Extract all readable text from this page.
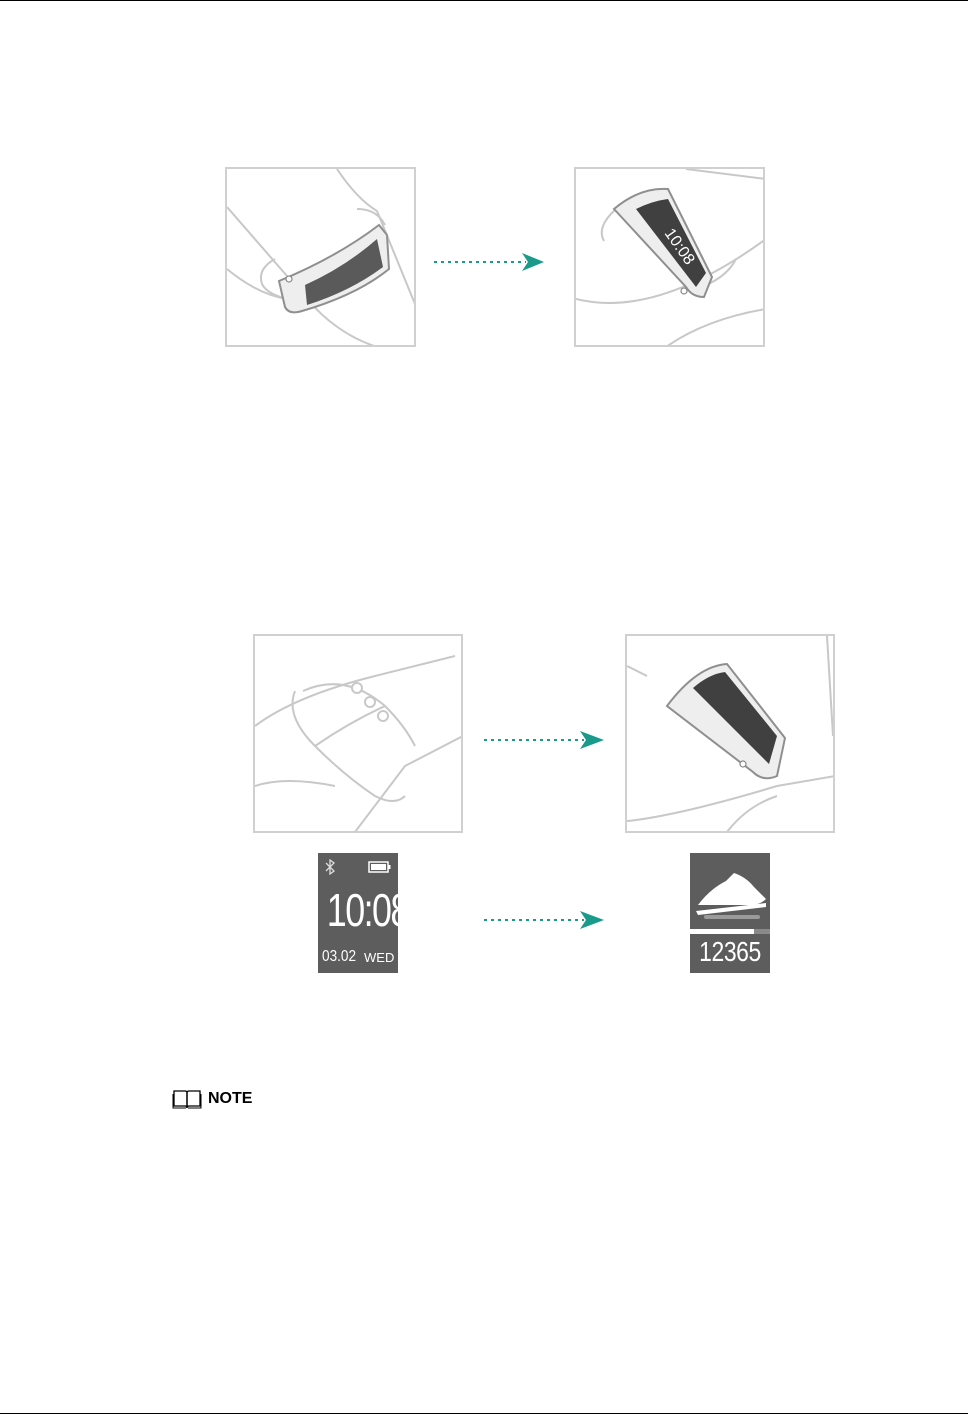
10:08
10:08
03.02 WED	12365
NOTE
